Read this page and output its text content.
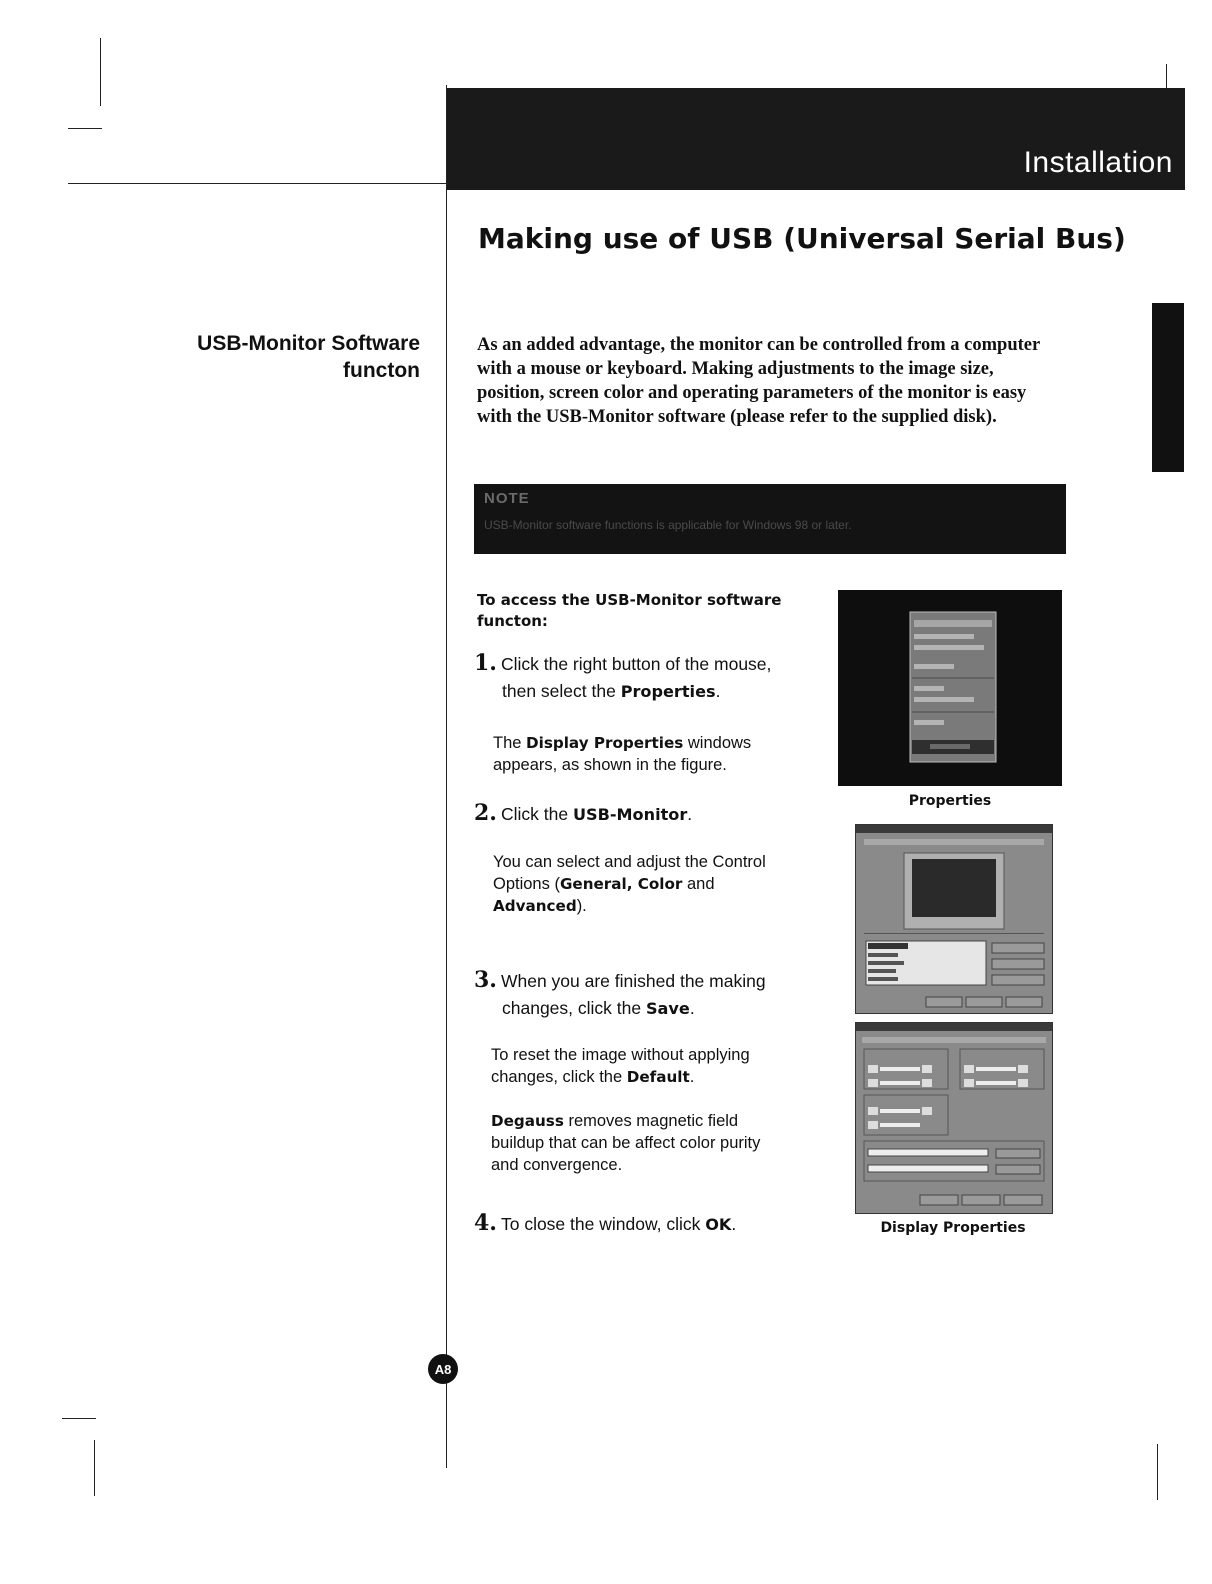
Installation
Making use of USB (Universal Serial Bus)
USB-Monitor Software
functon
As an added advantage, the monitor can be controlled from a computer with a mouse or keyboard. Making adjustments to the image size, position, screen color and operating parameters of the monitor is easy with the USB-Monitor software (please refer to the supplied disk).
NOTE
USB-Monitor software functions is applicable for Windows 98 or later.
To access the USB-Monitor software functon:
1. Click the right button of the mouse,
then select the Properties.
The Display Properties windows appears, as shown in the figure.
2. Click the USB-Monitor.
You can select and adjust the Control Options (General, Color and Advanced).
3. When you are finished the making
changes, click the Save.
To reset the image without applying changes, click the Default.
Degauss removes magnetic field buildup that can be affect color purity and convergence.
4. To close the window, click OK.
Properties
Display Properties
A8
